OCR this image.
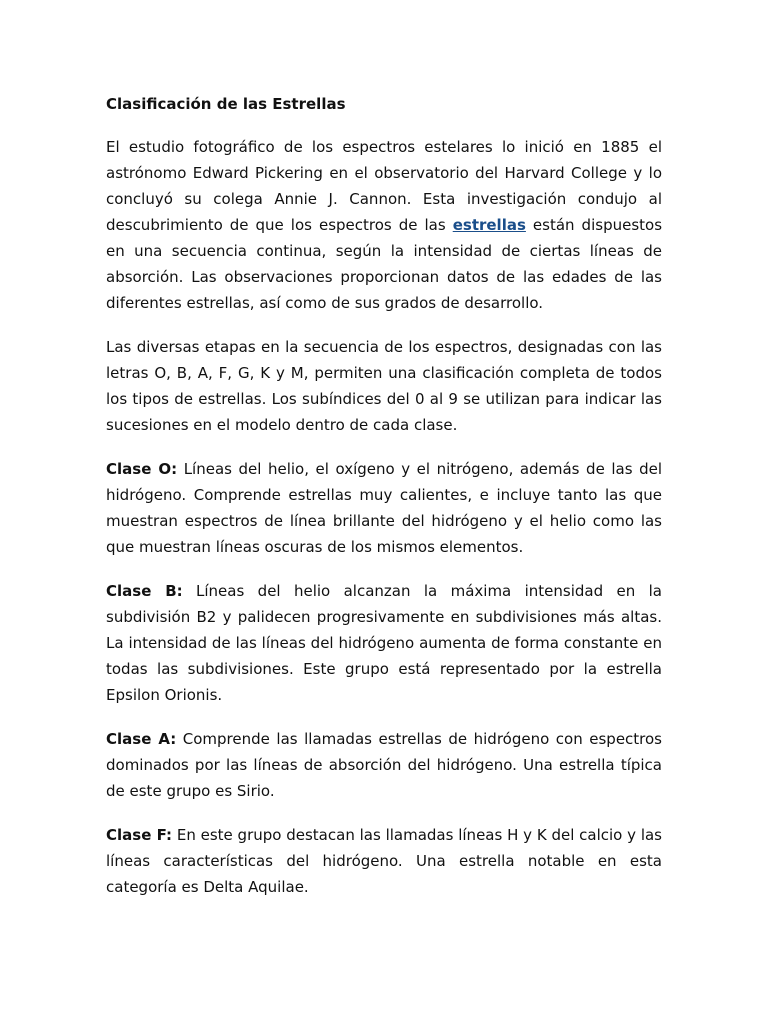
Clasificación de las Estrellas

El estudio fotográfico de los espectros estelares lo inició en 1885 el astrónomo Edward Pickering en el observatorio del Harvard College y lo concluyó su colega Annie J. Cannon. Esta investigación condujo al descubrimiento de que los espectros de las estrellas están dispuestos en una secuencia continua, según la intensidad de ciertas líneas de absorción. Las observaciones proporcionan datos de las edades de las diferentes estrellas, así como de sus grados de desarrollo.

Las diversas etapas en la secuencia de los espectros, designadas con las letras O, B, A, F, G, K y M, permiten una clasificación completa de todos los tipos de estrellas. Los subíndices del 0 al 9 se utilizan para indicar las sucesiones en el modelo dentro de cada clase.

Clase O: Líneas del helio, el oxígeno y el nitrógeno, además de las del hidrógeno. Comprende estrellas muy calientes, e incluye tanto las que muestran espectros de línea brillante del hidrógeno y el helio como las que muestran líneas oscuras de los mismos elementos.

Clase B: Líneas del helio alcanzan la máxima intensidad en la subdivisión B2 y palidecen progresivamente en subdivisiones más altas. La intensidad de las líneas del hidrógeno aumenta de forma constante en todas las subdivisiones. Este grupo está representado por la estrella Epsilon Orionis.

Clase A: Comprende las llamadas estrellas de hidrógeno con espectros dominados por las líneas de absorción del hidrógeno. Una estrella típica de este grupo es Sirio.

Clase F: En este grupo destacan las llamadas líneas H y K del calcio y las líneas características del hidrógeno. Una estrella notable en esta categoría es Delta Aquilae.
